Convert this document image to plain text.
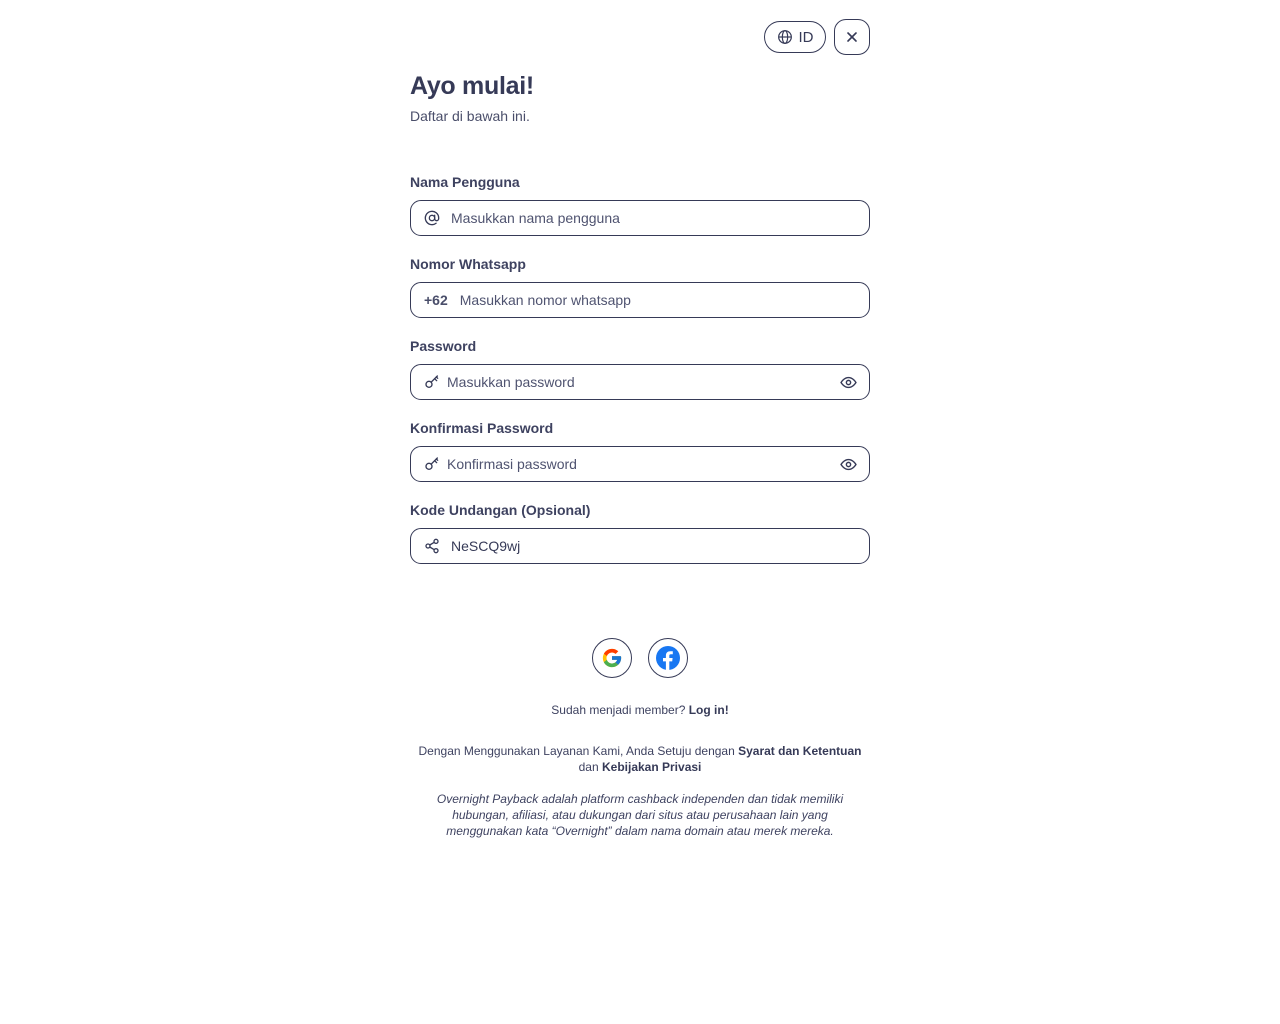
ID
Ayo mulai!

Daftar di bawah ini.

Nama Pengguna
Masukkan nama pengguna
Nomor Whatsapp
+62
Masukkan nomor whatsapp
Password
Konfirmasi Password
Kode Undangan (Opsional)
NeSCQ9wj

Sudah menjadi member? Log in!

Dengan Menggunakan Layanan Kami, Anda Setuju dengan Syarat dan Ketentuan
dan Kebijakan Privasi

Overnight Payback adalah platform cashback independen dan tidak memiliki hubungan, afiliasi, atau dukungan dari situs atau perusahaan lain yang menggunakan kata “Overnight” dalam nama domain atau merek mereka.
